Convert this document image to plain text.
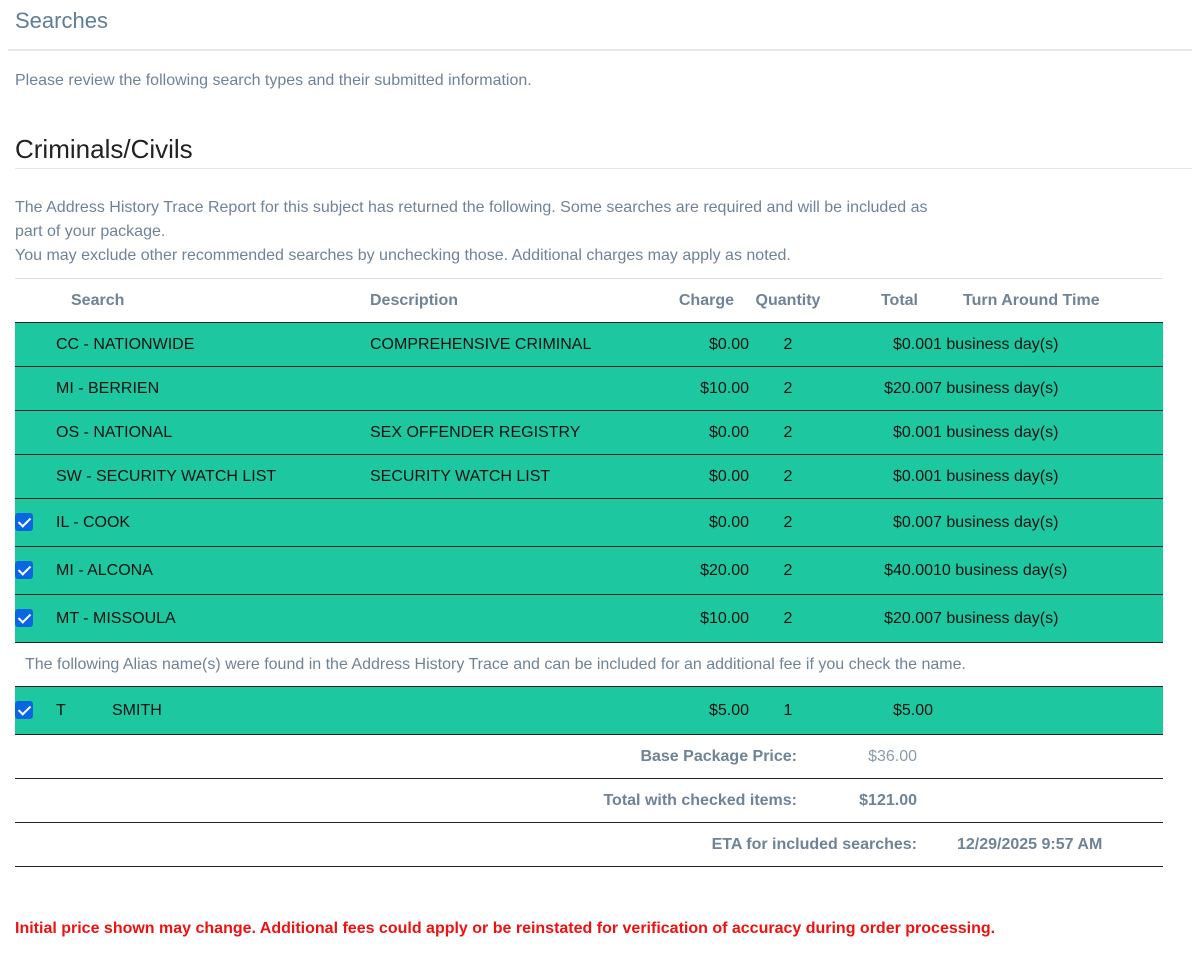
Searches
Please review the following search types and their submitted information.
Criminals/Civils
The Address History Trace Report for this subject has returned the following. Some searches are required and will be included as
part of your package.
You may exclude other recommended searches by unchecking those. Additional charges may apply as noted.
	Search	Description	Charge	Quantity	Total	Turn Around Time
	CC - NATIONWIDE	COMPREHENSIVE CRIMINAL	$0.00	2	$0.00	1 business day(s)
	MI - BERRIEN		$10.00	2	$20.00	7 business day(s)
	OS - NATIONAL	SEX OFFENDER REGISTRY	$0.00	2	$0.00	1 business day(s)
	SW - SECURITY WATCH LIST	SECURITY WATCH LIST	$0.00	2	$0.00	1 business day(s)
	IL - COOK		$0.00	2	$0.00	7 business day(s)
	MI - ALCONA		$20.00	2	$40.00	10 business day(s)
	MT - MISSOULA		$10.00	2	$20.00	7 business day(s)
The following Alias name(s) were found in the Address History Trace and can be included for an additional fee if you check the name.						
	T SMITH		$5.00	1	$5.00	
Base Package Price:					$36.00	
Total with checked items:					$121.00	
ETA for included searches:						12/29/2025 9:57 AM
Initial price shown may change. Additional fees could apply or be reinstated for verification of accuracy during order processing.
